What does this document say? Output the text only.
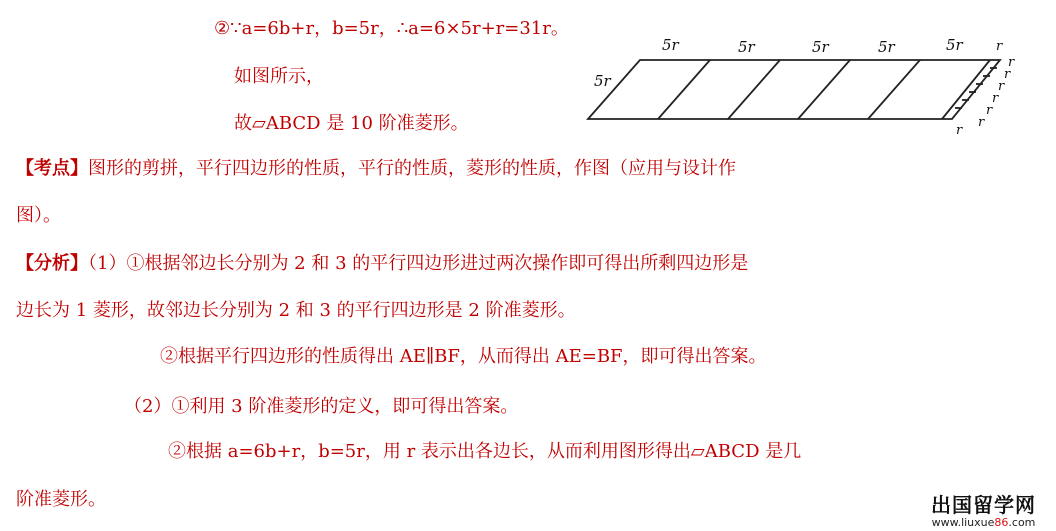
②∵a=6b+r，b=5r，∴a=6×5r+r=31r。
如图所示，
故▱ABCD 是 10 阶准菱形。
5r	5r	5r	5r	5r
5r
r
r
r
r
r
r
r
r
【考点】图形的剪拼，平行四边形的性质，平行的性质，菱形的性质，作图（应用与设计作
图）。
【分析】（1）①根据邻边长分别为 2 和 3 的平行四边形进过两次操作即可得出所剩四边形是
边长为 1 菱形，故邻边长分别为 2 和 3 的平行四边形是 2 阶准菱形。
②根据平行四边形的性质得出 AE∥BF，从而得出 AE=BF，即可得出答案。
（2）①利用 3 阶准菱形的定义，即可得出答案。
②根据 a=6b+r，b=5r，用 r 表示出各边长，从而利用图形得出▱ABCD 是几
阶准菱形。	出国留学网
www.liuxue86.com
